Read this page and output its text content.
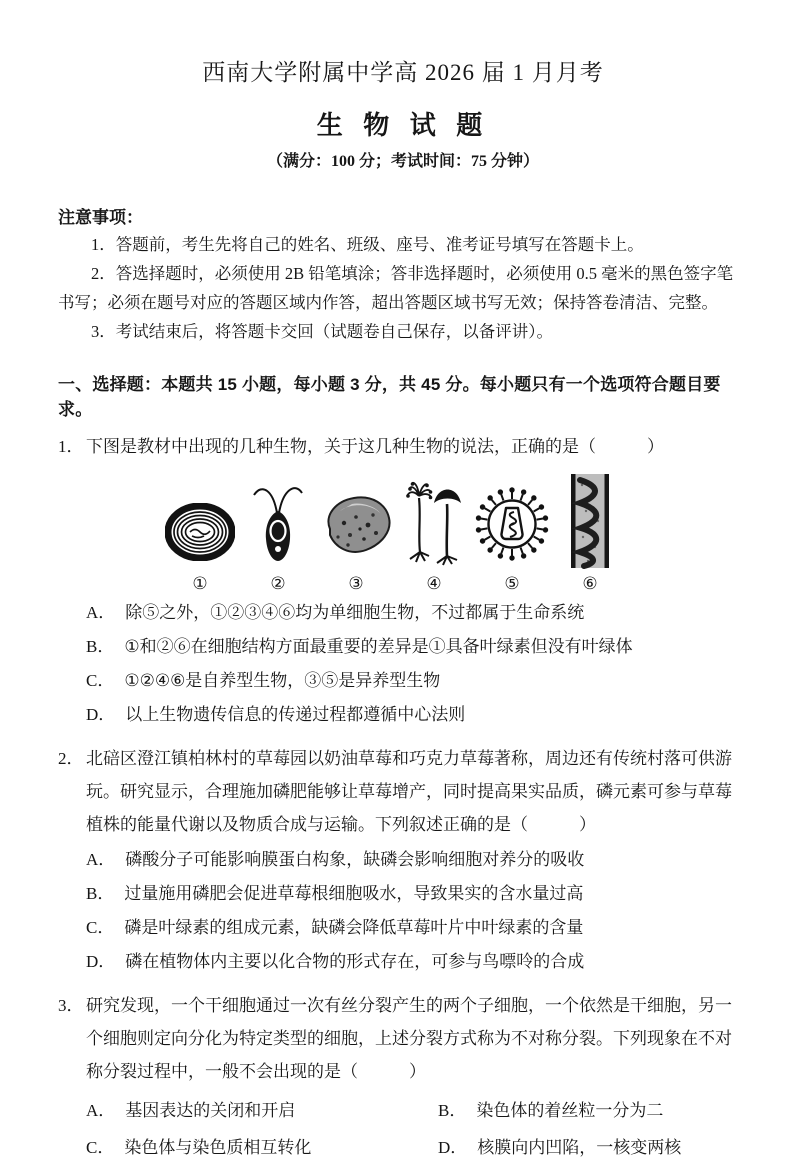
西南大学附属中学高 2026 届 1 月月考
生 物 试 题

（满分：100 分；考试时间：75 分钟）

注意事项：

1．答题前，考生先将自己的姓名、班级、座号、准考证号填写在答题卡上。

2．答选择题时，必须使用 2B 铅笔填涂；答非选择题时，必须使用 0.5 毫米的黑色签字笔书写；必须在题号对应的答题区域内作答，超出答题区域书写无效；保持答卷清洁、完整。

3．考试结束后，将答题卡交回（试题卷自己保存，以备评讲）。

一、选择题：本题共 15 小题，每小题 3 分，共 45 分。每小题只有一个选项符合题目要求。

1． 下图是教材中出现的几种生物，关于这几种生物的说法，正确的是（　　　）

①	②	③	④	⑤	⑥
A． 除⑤之外，①②③④⑥均为单细胞生物，不过都属于生命系统
B． ①和②⑥在细胞结构方面最重要的差异是①具备叶绿素但没有叶绿体
C． ①②④⑥是自养型生物，③⑤是异养型生物
D． 以上生物遗传信息的传递过程都遵循中心法则

2． 北碚区澄江镇柏林村的草莓园以奶油草莓和巧克力草莓著称，周边还有传统村落可供游玩。研究显示，合理施加磷肥能够让草莓增产，同时提高果实品质，磷元素可参与草莓植株的能量代谢以及物质合成与运输。下列叙述正确的是（　　　）

A． 磷酸分子可能影响膜蛋白构象，缺磷会影响细胞对养分的吸收
B． 过量施用磷肥会促进草莓根细胞吸水，导致果实的含水量过高
C． 磷是叶绿素的组成元素，缺磷会降低草莓叶片中叶绿素的含量
D． 磷在植物体内主要以化合物的形式存在，可参与鸟嘌呤的合成

3． 研究发现，一个干细胞通过一次有丝分裂产生的两个子细胞，一个依然是干细胞，另一个细胞则定向分化为特定类型的细胞，上述分裂方式称为不对称分裂。下列现象在不对称分裂过程中，一般不会出现的是（　　　）

A． 基因表达的关闭和开启	B． 染色体的着丝粒一分为二
C． 染色体与染色质相互转化	D． 核膜向内凹陷，一核变两核
